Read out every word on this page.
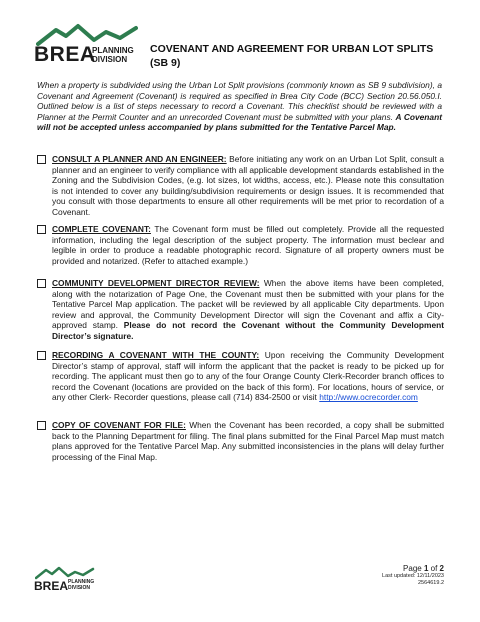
BREA
PLANNING
DIVISION
COVENANT AND AGREEMENT FOR URBAN LOT SPLITS
(SB 9)
When a property is subdivided using the Urban Lot Split provisions (commonly known as SB 9 subdivision), a Covenant and Agreement (Covenant) is required as specified in Brea City Code (BCC) Section 20.56.050.I. Outlined below is a list of steps necessary to record a Covenant. This checklist should be reviewed with a Planner at the Permit Counter and an unrecorded Covenant must be submitted with your plans. A Covenant will not be accepted unless accompanied by plans submitted for the Tentative Parcel Map.
CONSULT A PLANNER AND AN ENGINEER: Before initiating any work on an Urban Lot Split, consult a planner and an engineer to verify compliance with all applicable development standards established in the Zoning and the Subdivision Codes, (e.g. lot sizes, lot widths, access, etc.). Please note this consultation is not intended to cover any building/subdivision requirements or design issues. It is recommended that you consult with those departments to ensure all other requirements will be met prior to recordation of a Covenant.
COMPLETE COVENANT: The Covenant form must be filled out completely. Provide all the requested information, including the legal description of the subject property. The information must beclear and legible in order to produce a readable photographic record. Signature of all property owners must be provided and notarized. (Refer to attached example.)
COMMUNITY DEVELOPMENT DIRECTOR REVIEW: When the above items have been completed, along with the notarization of Page One, the Covenant must then be submitted with your plans for the Tentative Parcel Map application. The packet will be reviewed by all applicable City departments. Upon review and approval, the Community Development Director will sign the Covenant and affix a City-approved stamp. Please do not record the Covenant without the Community Development Director’s signature.
RECORDING A COVENANT WITH THE COUNTY: Upon receiving the Community Development Director’s stamp of approval, staff will inform the applicant that the packet is ready to be picked up for recording. The applicant must then go to any of the four Orange County Clerk-Recorder branch offices to record the Covenant (locations are provided on the back of this form). For locations, hours of service, or any other Clerk- Recorder questions, please call (714) 834-2500 or visit http://www.ocrecorder.com
COPY OF COVENANT FOR FILE: When the Covenant has been recorded, a copy shall be submitted back to the Planning Department for filing. The final plans submitted for the Final Parcel Map must match plans approved for the Tentative Parcel Map. Any submitted inconsistencies in the plans will delay further processing of the Final Map.
BREA PLANNING
DIVISION
Page 1 of 2
Last updated: 12/11/2023
2564619.2
